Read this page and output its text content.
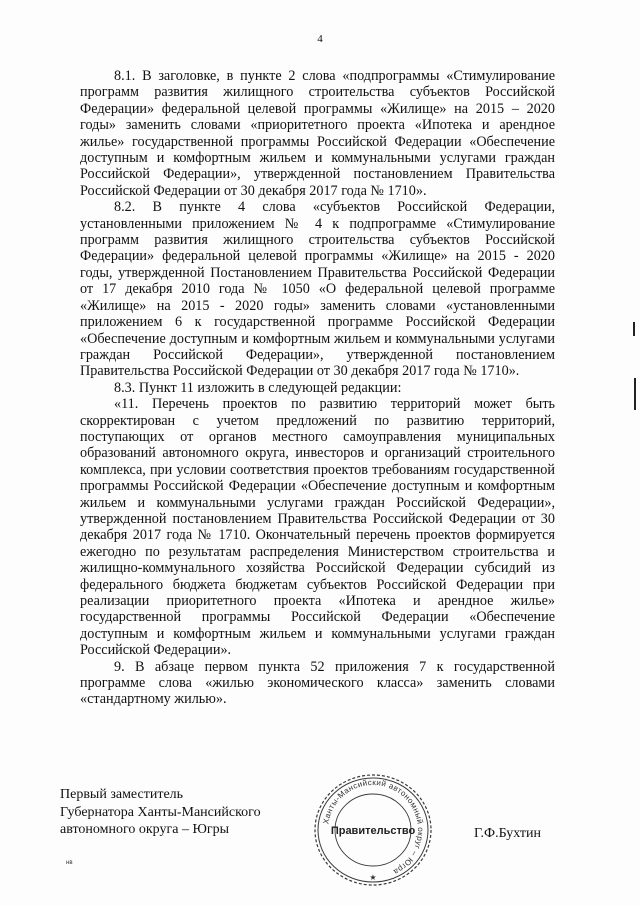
4

8.1. В заголовке, в пункте 2 слова «подпрограммы «Стимулирование программ развития жилищного строительства субъектов Российской Федерации» федеральной целевой программы «Жилище» на 2015 – 2020 годы» заменить словами «приоритетного проекта «Ипотека и арендное жилье» государственной программы Российской Федерации «Обеспечение доступным и комфортным жильем и коммунальными услугами граждан Российской Федерации», утвержденной постановлением Правительства Российской Федерации от 30 декабря 2017 года № 1710».

8.2. В пункте 4 слова «субъектов Российской Федерации, установленными приложением № 4 к подпрограмме «Стимулирование программ развития жилищного строительства субъектов Российской Федерации» федеральной целевой программы «Жилище» на 2015 - 2020 годы, утвержденной Постановлением Правительства Российской Федерации от 17 декабря 2010 года № 1050 «О федеральной целевой программе «Жилище» на 2015 - 2020 годы» заменить словами «установленными приложением 6 к государственной программе Российской Федерации «Обеспечение доступным и комфортным жильем и коммунальными услугами граждан Российской Федерации», утвержденной постановлением Правительства Российской Федерации от 30 декабря 2017 года № 1710».

8.3. Пункт 11 изложить в следующей редакции:

«11. Перечень проектов по развитию территорий может быть скорректирован с учетом предложений по развитию территорий, поступающих от органов местного самоуправления муниципальных образований автономного округа, инвесторов и организаций строительного комплекса, при условии соответствия проектов требованиям государственной программы Российской Федерации «Обеспечение доступным и комфортным жильем и коммунальными услугами граждан Российской Федерации», утвержденной постановлением Правительства Российской Федерации от 30 декабря 2017 года № 1710. Окончательный перечень проектов формируется ежегодно по результатам распределения Министерством строительства и жилищно-коммунального хозяйства Российской Федерации субсидий из федерального бюджета бюджетам субъектов Российской Федерации при реализации приоритетного проекта «Ипотека и арендное жилье» государственной программы Российской Федерации «Обеспечение доступным и комфортным жильем и коммунальными услугами граждан Российской Федерации».

9. В абзаце первом пункта 52 приложения 7 к государственной программе слова «жилью экономического класса» заменить словами «стандартному жилью».

Первый заместитель
Губернатора Ханты-Мансийского
автономного округа – Югры	Г.Ф.Бухтин
Ханты-Мансийский автономный округ – Югра
Правительство
★
нв
